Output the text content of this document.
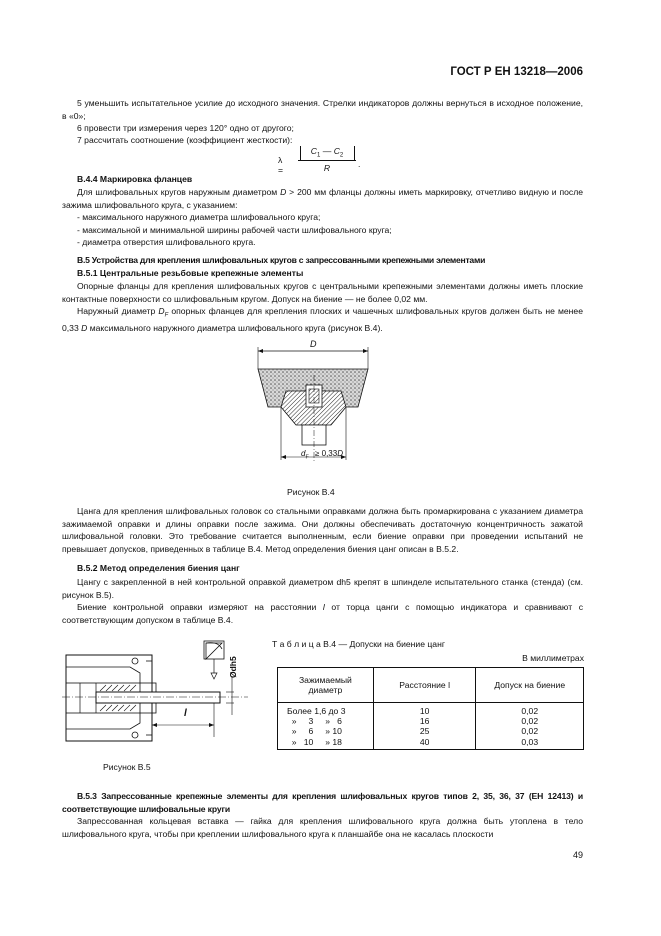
ГОСТ Р ЕН 13218—2006
5 уменьшить испытательное усилие до исходного значения. Стрелки индикаторов должны вернуться в исходное положение, в «0»;
6 провести три измерения через 120° одно от другого;
7 рассчитать соотношение (коэффициент жесткости):
λ =
$C_1$ — $C_2$
R	.
В.4.4 Маркировка фланцев
Для шлифовальных кругов наружным диаметром D > 200 мм фланцы должны иметь маркировку, отчетливо видную и после зажима шлифовального круга, с указанием:
- максимального наружного диаметра шлифовального круга;
- максимальной и минимальной ширины рабочей части шлифовального круга;
- диаметра отверстия шлифовального круга.
В.5 Устройства для крепления шлифовальных кругов с запрессованными крепежными элементами
В.5.1 Центральные резьбовые крепежные элементы
Опорные фланцы для крепления шлифовальных кругов с центральными крепежными элементами должны иметь плоские контактные поверхности со шлифовальным кругом. Допуск на биение — не более 0,02 мм.
Наружный диаметр $D_F$ опорных фланцев для крепления плоских и чашечных шлифовальных кругов должен быть не менее 0,33 D максимального наружного диаметра шлифовального круга (рисунок В.4).
D
$d_F \ge 0,33D$
Рисунок В.4
Цанга для крепления шлифовальных головок со стальными оправками должна быть промаркирована с указанием диаметра зажимаемой оправки и длины оправки после зажима. Они должны обеспечивать достаточную концентричность зажатой шлифовальной головки. Это требование считается выполненным, если биение оправки при проведении испытаний не превышает допусков, приведенных в таблице В.4. Метод определения биения цанг описан в В.5.2.
В.5.2 Метод определения биения цанг
Цангу с закрепленной в ней контрольной оправкой диаметром dh5 крепят в шпинделе испытательного станка (стенда) (см. рисунок В.5).
Биение контрольной оправки измеряют на расстоянии l от торца цанги с помощью индикатора и сравнивают с соответствующим допуском в таблице В.4.
Ødh5
l
Рисунок В.5
Т а б л и ц а В.4 — Допуски на биение цанг
В миллиметрах
Зажимаемый диаметр	Расстояние l	Допуск на биение
Более 1,6 до 3	10	0,02
»     3     »   6	16	0,02
»     6     » 10	25	0,02
»   10     » 18	40	0,03
В.5.3 Запрессованные крепежные элементы для крепления шлифовальных кругов типов 2, 35, 36, 37 (ЕН 12413) и соответствующие шлифовальные круги
Запрессованная кольцевая вставка — гайка для крепления шлифовального круга должна быть утоплена в тело шлифовального круга, чтобы при креплении шлифовального круга к планшайбе она не касалась плоскости
49
